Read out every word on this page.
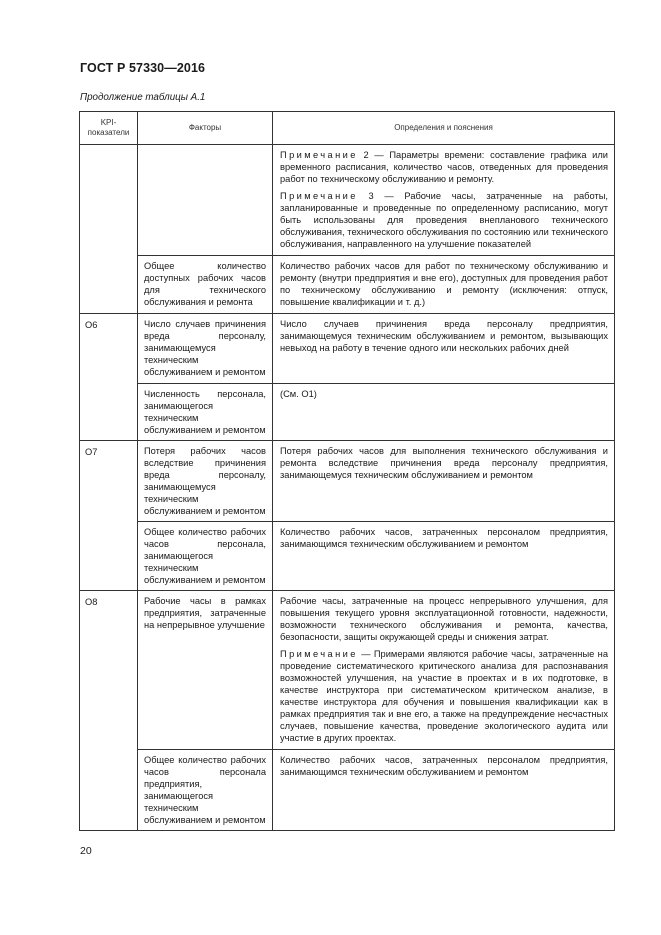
ГОСТ Р 57330—2016
Продолжение таблицы А.1
KPI-показатели	Факторы	Определения и пояснения

		Примечание 2 — Параметры времени: составление графика или временного расписания, количество часов, отведенных для проведения работ по техническому обслуживанию и ремонту.
Примечание 3 — Рабочие часы, затраченные на работы, запланированные и проведенные по определенному расписанию, могут быть использованы для проведения внепланового технического обслуживания, технического обслуживания по состоянию или технического обслуживания, направленного на улучшение показателей

	Общее количество доступных рабочих часов для технического обслуживания и ремонта	Количество рабочих часов для работ по техническому обслуживанию и ремонту (внутри предприятия и вне его), доступных для проведения работ по техническому обслуживанию и ремонту (исключения: отпуск, повышение квалификации и т. д.)

O6	Число случаев причинения вреда персоналу, занимающемуся техническим обслуживанием и ремонтом	Число случаев причинения вреда персоналу предприятия, занимающемуся техническим обслуживанием и ремонтом, вызывающих невыход на работу в течение одного или нескольких рабочих дней

	Численность персонала, занимающегося техническим обслуживанием и ремонтом	(См. O1)

O7	Потеря рабочих часов вследствие причинения вреда персоналу, занимающемуся техническим обслуживанием и ремонтом	Потеря рабочих часов для выполнения технического обслуживания и ремонта вследствие причинения вреда персоналу предприятия, занимающемуся техническим обслуживанием и ремонтом

	Общее количество рабочих часов персонала, занимающегося техническим обслуживанием и ремонтом	Количество рабочих часов, затраченных персоналом предприятия, занимающимся техническим обслуживанием и ремонтом

O8	Рабочие часы в рамках предприятия, затраченные на непрерывное улучшение	Рабочие часы, затраченные на процесс непрерывного улучшения, для повышения текущего уровня эксплуатационной готовности, надежности, возможности технического обслуживания и ремонта, качества, безопасности, защиты окружающей среды и снижения затрат.
Примечание — Примерами являются рабочие часы, затраченные на проведение систематического критического анализа для распознавания возможностей улучшения, на участие в проектах и в их подготовке, в качестве инструктора при систематическом критическом анализе, в качестве инструктора для обучения и повышения квалификации как в рамках предприятия так и вне его, а также на предупреждение несчастных случаев, повышение качества, проведение экологического аудита или участие в других проектах.

	Общее количество рабочих часов персонала предприятия, занимающегося техническим обслуживанием и ремонтом	Количество рабочих часов, затраченных персоналом предприятия, занимающимся техническим обслуживанием и ремонтом
20
